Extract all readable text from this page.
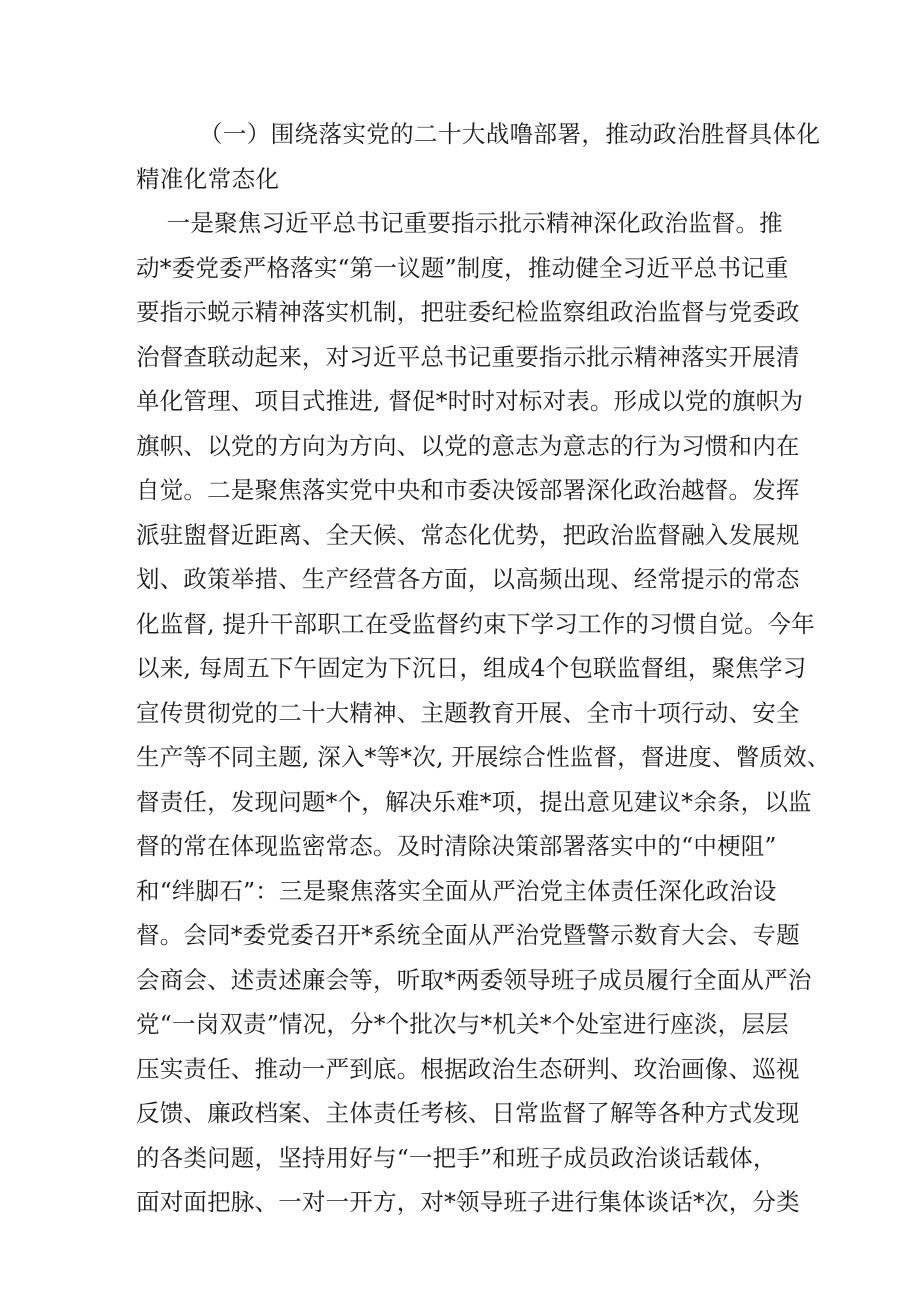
（一）围绕落实党的二十大战噜部署，推动政治胜督具体化
精准化常态化
一是聚焦习近平总书记重要指示批示精神深化政治监督。推
动*委党委严格落实“第一议题”制度，推动健全习近平总书记重
要指示蜕示精神落实机制，把驻委纪检监察组政治监督与党委政
治督查联动起来，对习近平总书记重要指示批示精神落实开展清
单化管理、项目式推进, 督促*时时对标对表。形成以党的旗帜为
旗帜、以党的方向为方向、以党的意志为意志的行为习惯和内在
自觉。二是聚焦落实党中央和市委决馁部署深化政治越督。发挥
派驻盥督近距离、全天候、常态化优势，把政治监督融入发展规
划、政策举措、生产经营各方面，以高频出现、经常提示的常态
化监督, 提升干部职工在受监督约束下学习工作的习惯自觉。今年
以来, 每周五下午固定为下沉日，组成4个包联监督组，聚焦学习
宣传贯彻党的二十大精神、主题教育开展、全市十项行动、安全
生产等不同主题, 深入*等*次, 开展综合性监督，督进度、瞥质效、
督责任，发现问题*个，解决乐难*项，提出意见建议*余条，以监
督的常在体现监密常态。及时清除决策部署落实中的“中梗阻”
和“绊脚石”：三是聚焦落实全面从严治党主体责任深化政治设
督。会同*委党委召开*系统全面从严治党暨警示数育大会、专题
会商会、述责述廉会等，听取*两委领导班子成员履行全面从严治
党“一岗双责”情况，分*个批次与*机关*个处室进行座淡，层层
压实责任、推动一严到底。根据政治生态研判、玫治画像、巡视
反馈、廉政档案、主体责任考核、日常监督了解等各种方式发现
的各类问题，坚持用好与“一把手”和班子成员政治谈话载体，
面对面把脉、一对一开方，对*领导班子进行集体谈话*次，分类
